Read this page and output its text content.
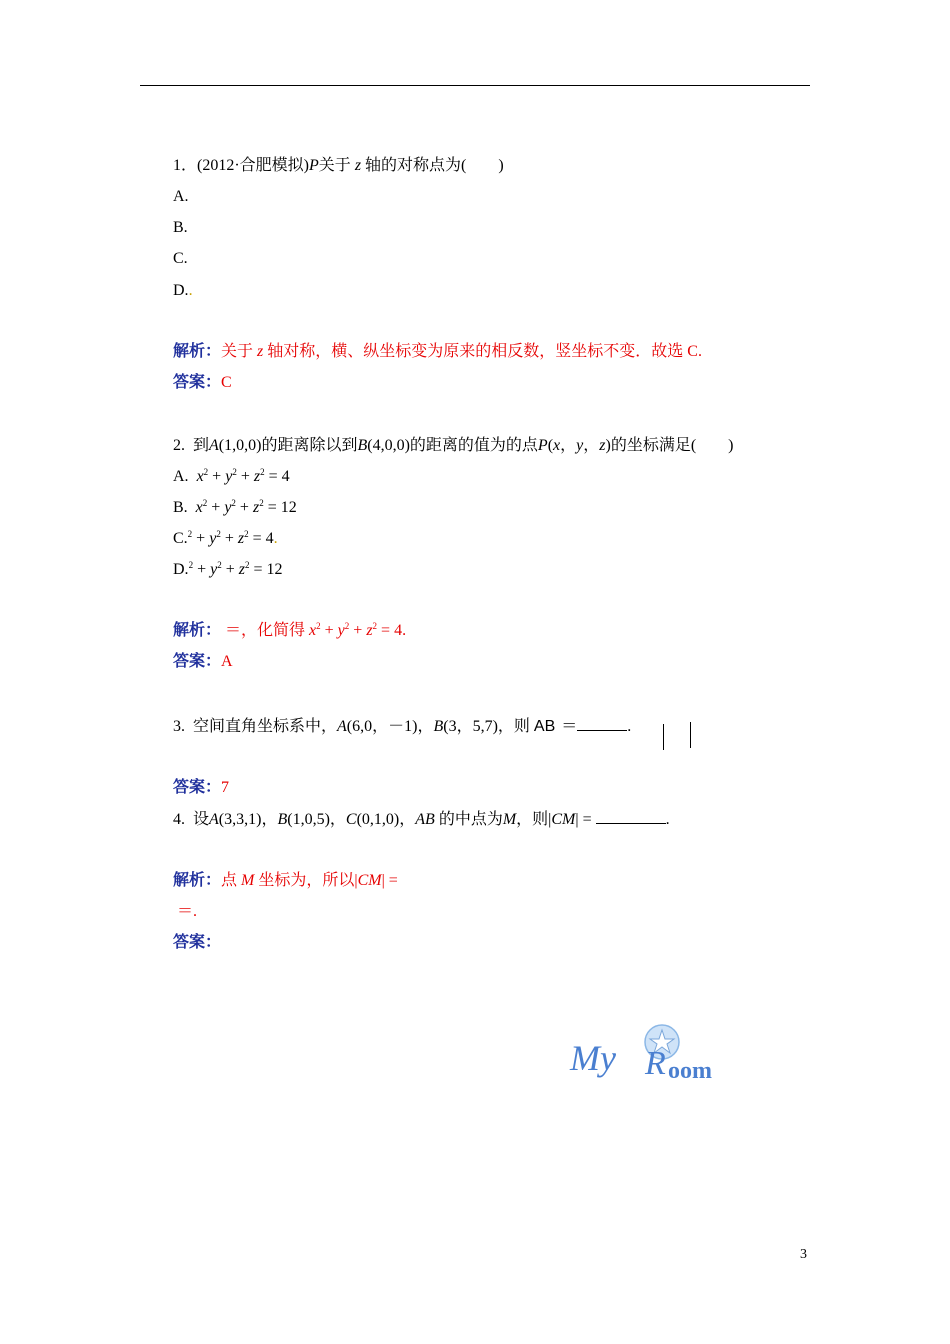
1．(2012·合肥模拟)P关于 z 轴的对称点为(　　)
A.
B.
C.
D..
解析：关于 z 轴对称，横、纵坐标变为原来的相反数，竖坐标不变．故选 C.
答案：C
2. 到A(1,0,0)的距离除以到B(4,0,0)的距离的值为的点P(x，y，z)的坐标满足(　　)
A. $x^2 + y^2 + z^2 = 4$
B. $x^2 + y^2 + z^2 = 12$
$C.^2 + y^2 + z^2 = 4$.
$D.^2 + y^2 + z^2 = 12$
解析： ＝，化简得 $x^2 + y^2 + z^2 = 4$.
答案：A
3. 空间直角坐标系中，A(6,0，－1)，B(3，5,7)，则 AB ＝	.
答案：7
4. 设A(3,3,1)，B(1,0,5)，C(0,1,0)，AB 的中点为M，则|CM| =	.
解析：点 M 坐标为，所以|CM| =
＝.
答案：
My R oom
3
